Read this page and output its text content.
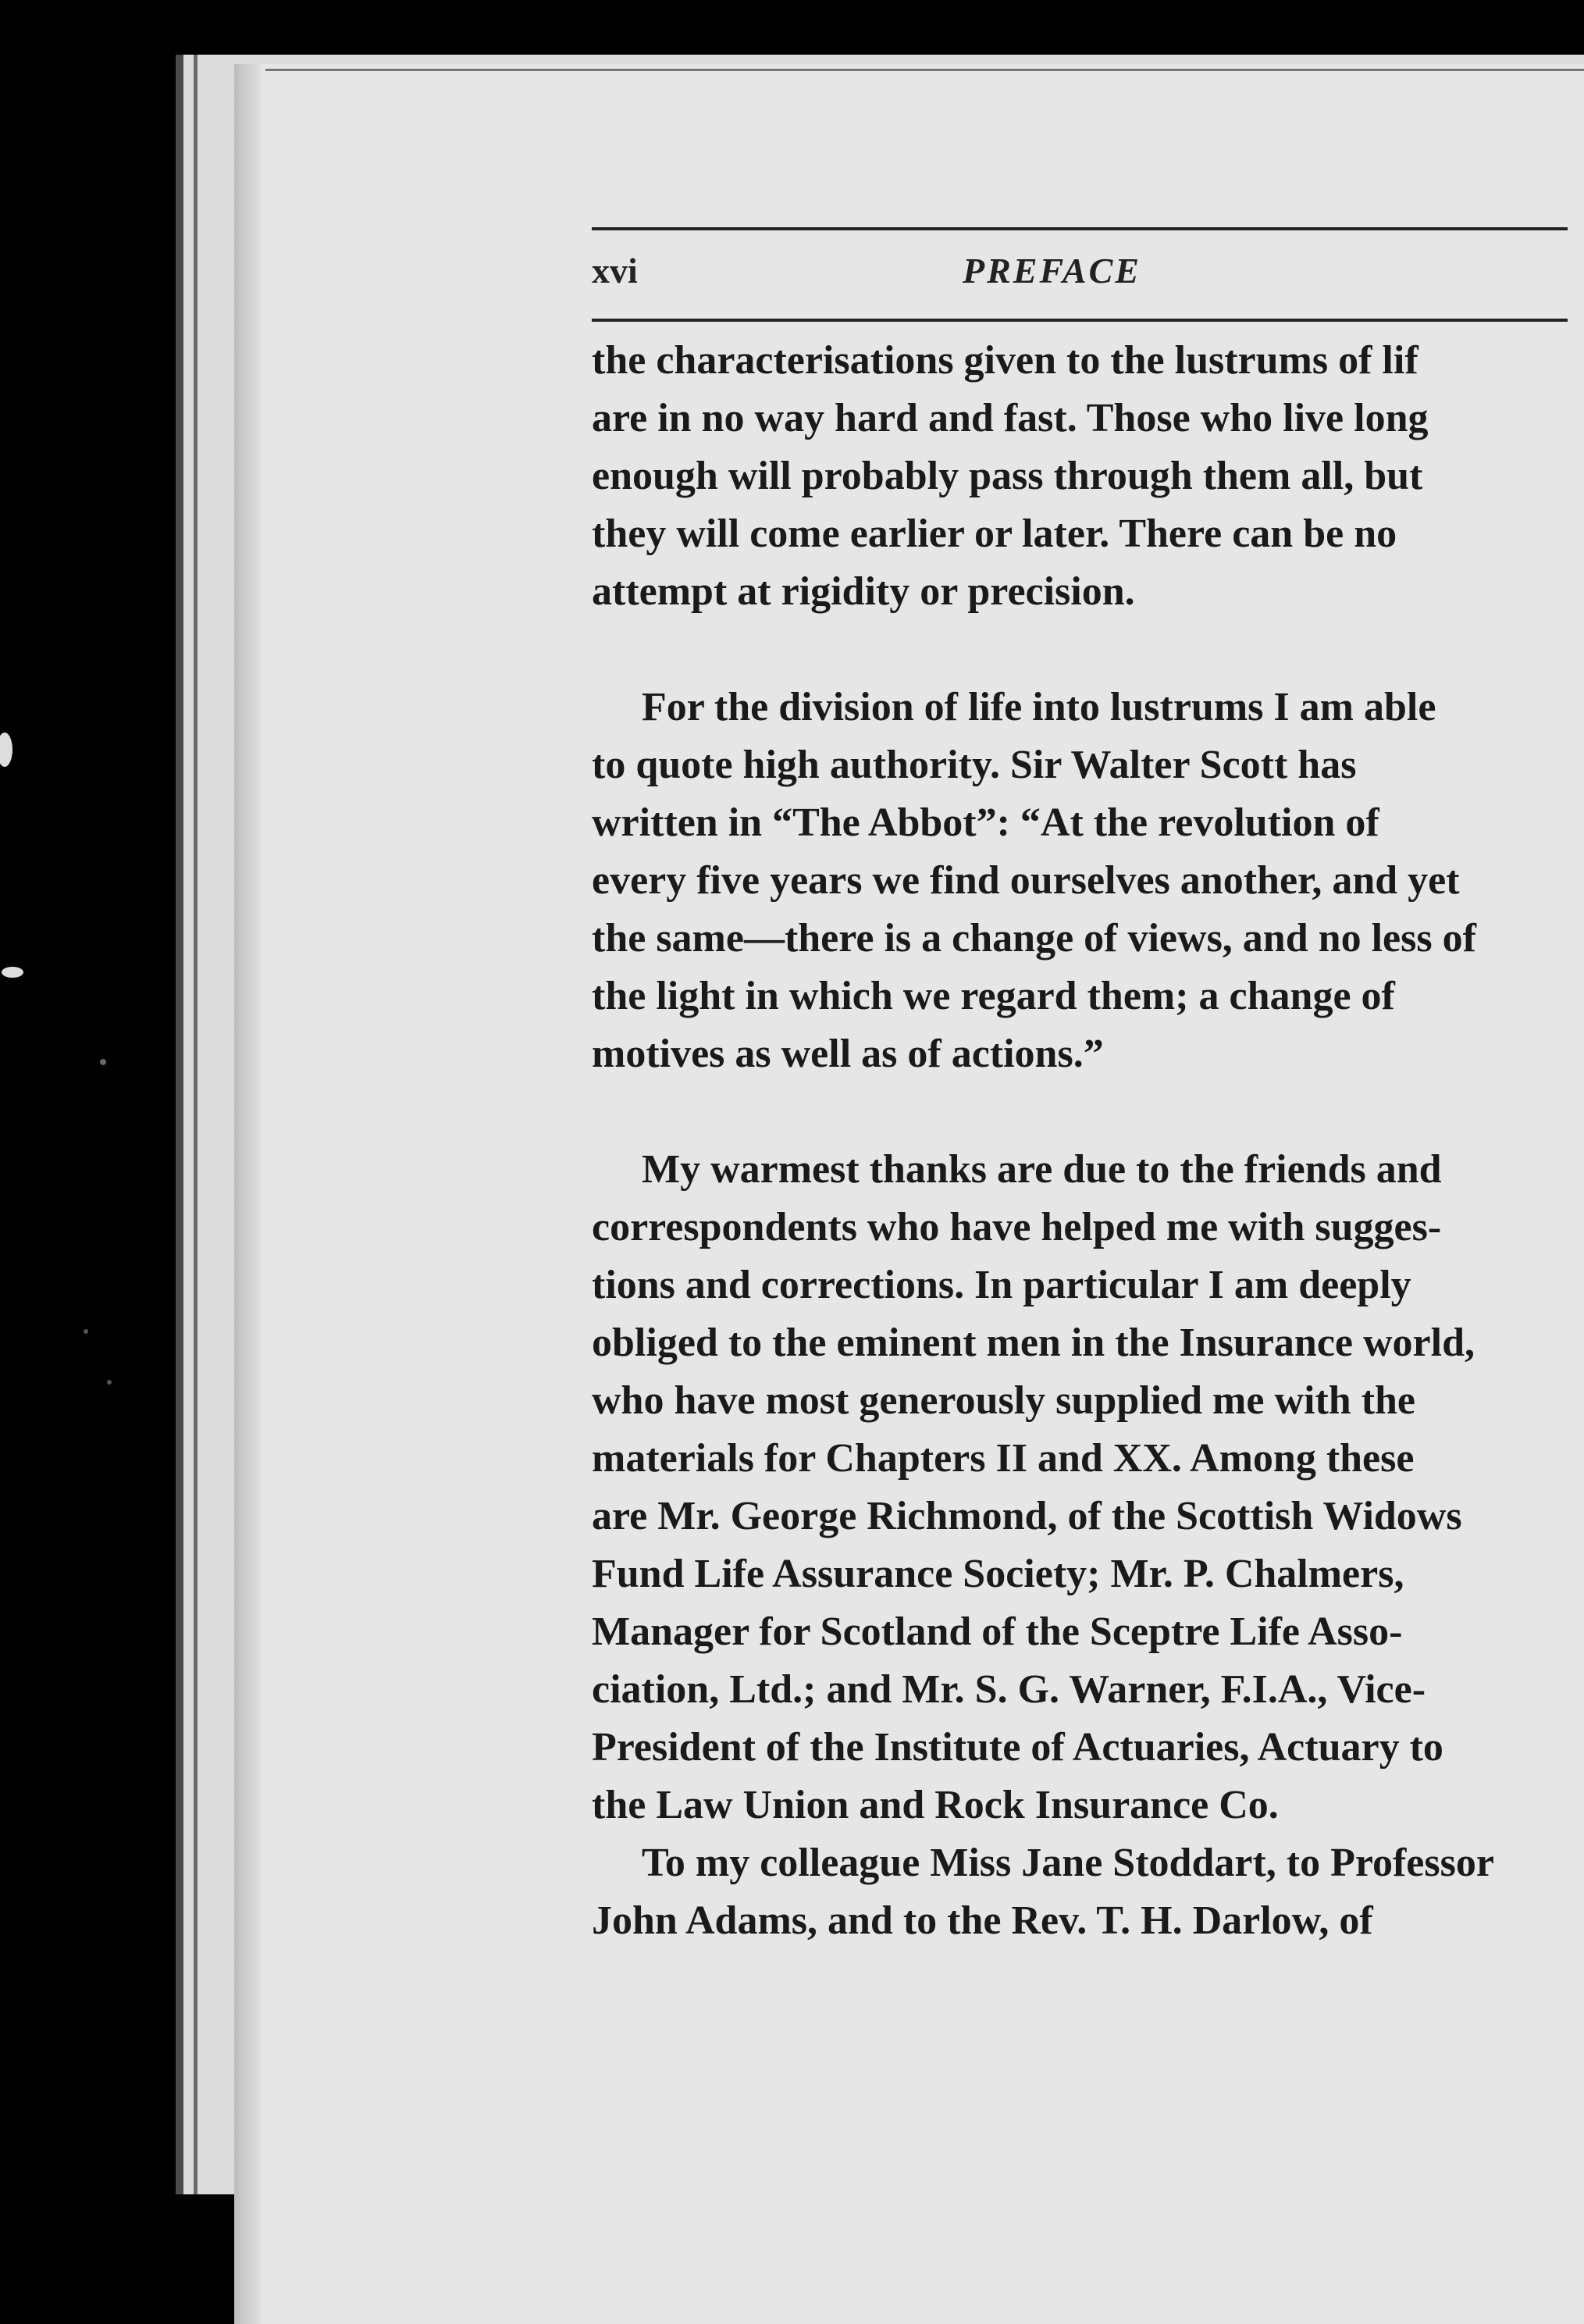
xvi	PREFACE
the characterisations given to the lustrums of lif
are in no way hard and fast. Those who live long
enough will probably pass through them all, but
they will come earlier or later. There can be no
attempt at rigidity or precision.
For the division of life into lustrums I am able
to quote high authority. Sir Walter Scott has
written in “The Abbot”: “At the revolution of
every five years we find ourselves another, and yet
the same—there is a change of views, and no less of
the light in which we regard them; a change of
motives as well as of actions.”
My warmest thanks are due to the friends and
correspondents who have helped me with sugges-
tions and corrections. In particular I am deeply
obliged to the eminent men in the Insurance world,
who have most generously supplied me with the
materials for Chapters II and XX. Among these
are Mr. George Richmond, of the Scottish Widows
Fund Life Assurance Society; Mr. P. Chalmers,
Manager for Scotland of the Sceptre Life Asso-
ciation, Ltd.; and Mr. S. G. Warner, F.I.A., Vice-
President of the Institute of Actuaries, Actuary to
the Law Union and Rock Insurance Co.
To my colleague Miss Jane Stoddart, to Professor
John Adams, and to the Rev. T. H. Darlow, of
